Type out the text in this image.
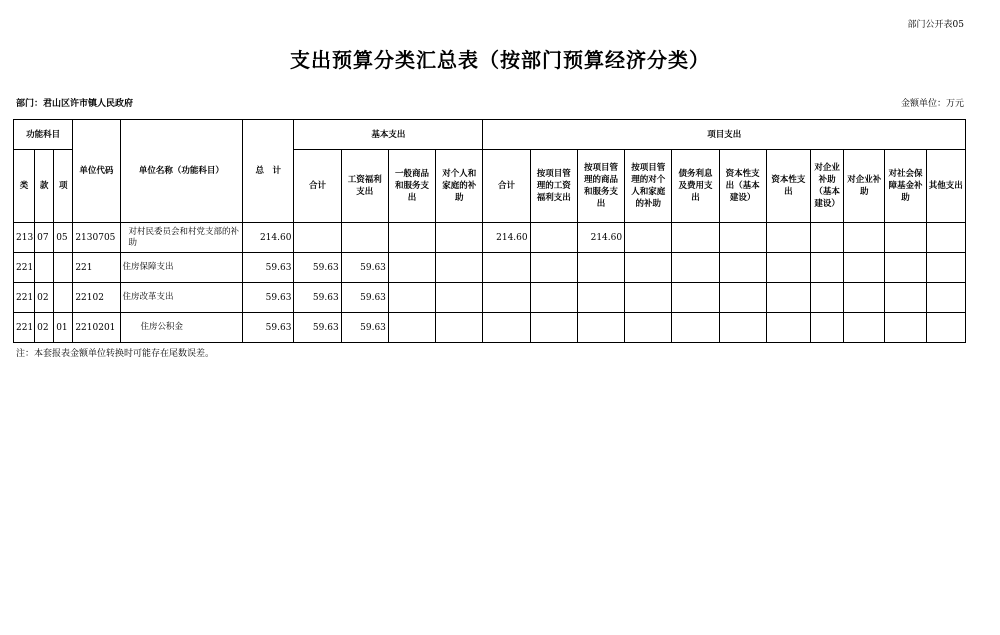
部门公开表05
支出预算分类汇总表（按部门预算经济分类）
部门：君山区许市镇人民政府	金额单位：万元
功能科目			单位代码	单位名称（功能科目）	总　计	基本支出				项目支出										
类	款	项				合计	工资福利支出	一般商品和服务支出	对个人和家庭的补助	合计	按项目管理的工资福利支出	按项目管理的商品和服务支出	按项目管理的对个人和家庭的补助	债务利息及费用支出	资本性支出（基本建设）	资本性支出	对企业补助（基本建设）	对企业补助	对社会保障基金补助	其他支出
213	07	05	2130705	对村民委员会和村党支部的补助	214.60					214.60		214.60								
221			221	住房保障支出	59.63	59.63	59.63													
221	02		22102	住房改革支出	59.63	59.63	59.63													
221	02	01	2210201	住房公积金	59.63	59.63	59.63													
注：本套报表金额单位转换时可能存在尾数误差。
